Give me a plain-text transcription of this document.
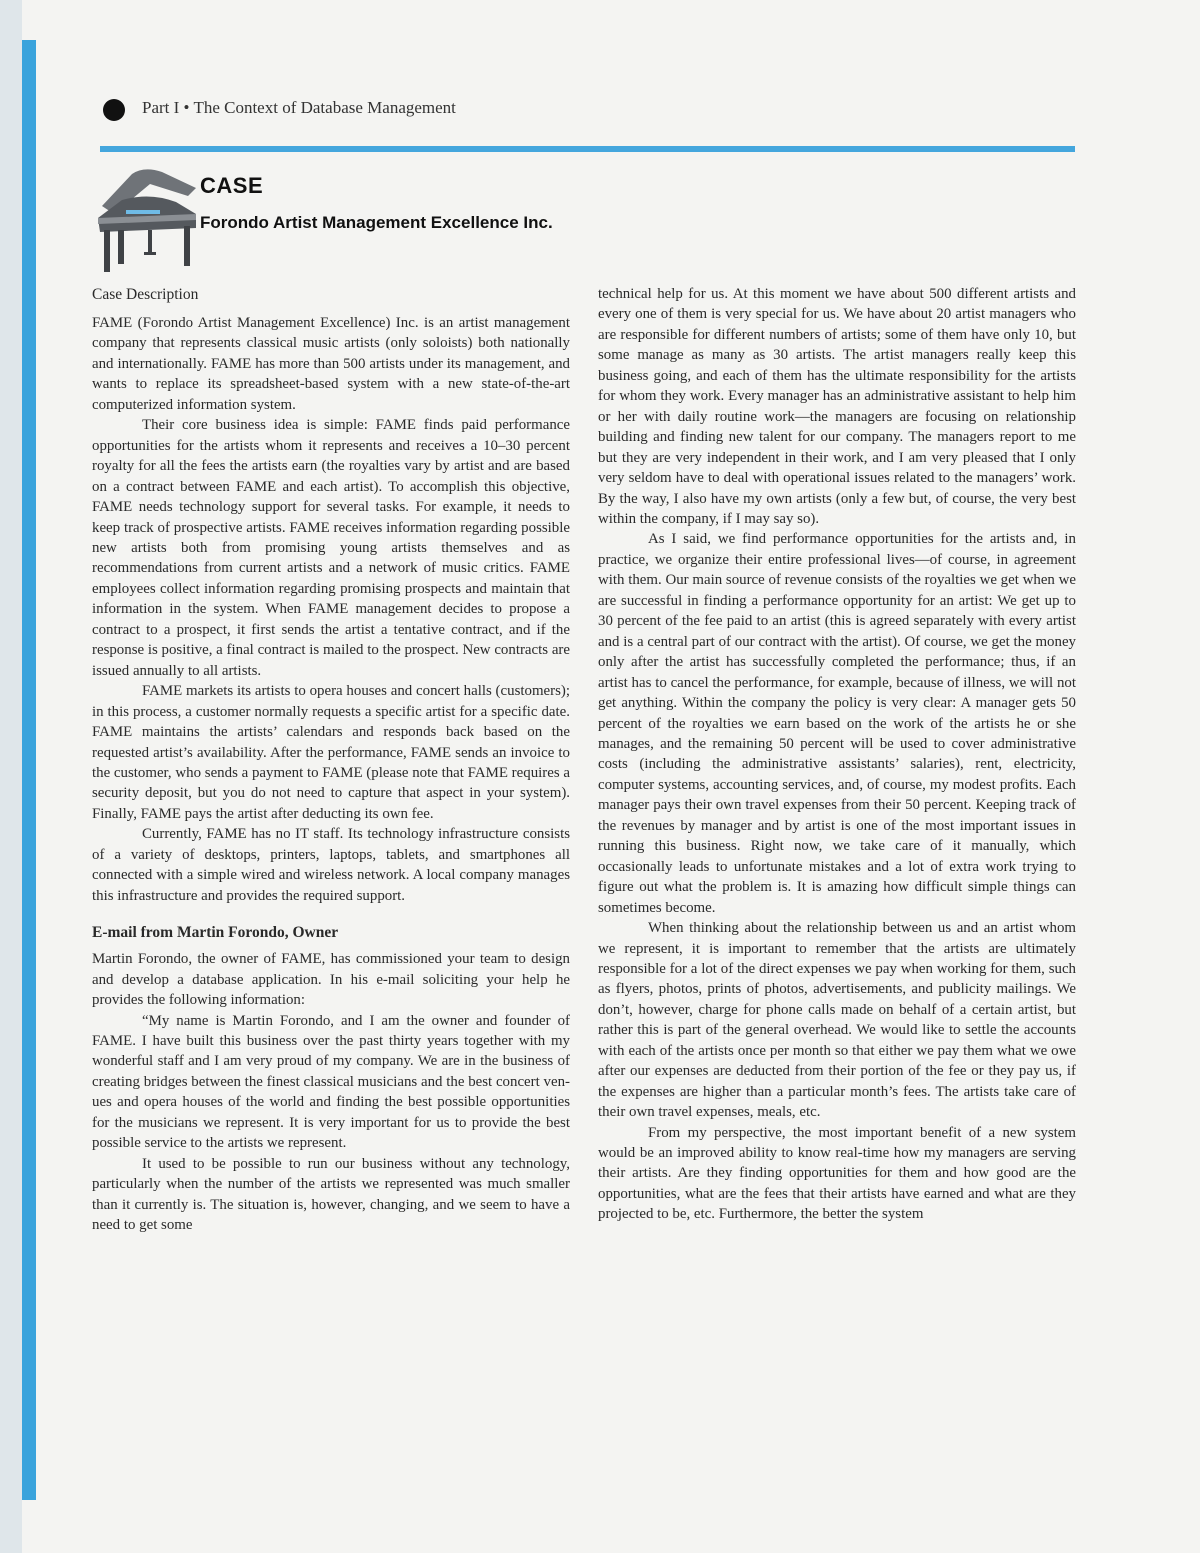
Part I • The Context of Database Management
CASE
Forondo Artist Management Excellence Inc.
Case Description

FAME (Forondo Artist Management Excellence) Inc. is an artist management company that represents classical music artists (only soloists) both nationally and internationally. FAME has more than 500 artists under its management, and wants to replace its spreadsheet-based system with a new state-of-the-art computerized information system.

Their core business idea is simple: FAME finds paid performance opportunities for the artists whom it represents and receives a 10–30 percent royalty for all the fees the artists earn (the royalties vary by artist and are based on a contract between FAME and each artist). To accomplish this objective, FAME needs technology support for several tasks. For example, it needs to keep track of prospective artists. FAME receives information regarding possible new artists both from promising young artists themselves and as recommendations from current artists and a network of music critics. FAME employees collect information regarding promising prospects and maintain that information in the system. When FAME management decides to propose a contract to a prospect, it first sends the artist a tentative contract, and if the response is positive, a final contract is mailed to the prospect. New contracts are issued annually to all artists.

FAME markets its artists to opera houses and concert halls (customers); in this process, a customer normally requests a specific artist for a specific date. FAME maintains the artists’ calendars and responds back based on the requested artist’s availability. After the performance, FAME sends an invoice to the customer, who sends a payment to FAME (please note that FAME requires a security deposit, but you do not need to capture that aspect in your system). Finally, FAME pays the artist after deducting its own fee.

Currently, FAME has no IT staff. Its technology infrastructure consists of a variety of desktops, printers, laptops, tablets, and smartphones all connected with a simple wired and wireless network. A local company manages this infrastructure and provides the required support.

E-mail from Martin Forondo, Owner

Martin Forondo, the owner of FAME, has commissioned your team to design and develop a database application. In his e-mail soliciting your help he provides the following information:

“My name is Martin Forondo, and I am the owner and founder of FAME. I have built this business over the past thirty years together with my wonderful staff and I am very proud of my company. We are in the business of creating bridges between the finest classical musicians and the best concert venues and opera houses of the world and finding the best possible opportunities for the musicians we represent. It is very important for us to provide the best possible service to the artists we represent.

It used to be possible to run our business without any technology, particularly when the number of the artists we represented was much smaller than it currently is. The situation is, however, changing, and we seem to have a need to get some

technical help for us. At this moment we have about 500 different artists and every one of them is very special for us. We have about 20 artist managers who are responsible for different numbers of artists; some of them have only 10, but some manage as many as 30 artists. The artist managers really keep this business going, and each of them has the ultimate responsibility for the artists for whom they work. Every manager has an administrative assistant to help him or her with daily routine work—the managers are focusing on relationship building and finding new talent for our company. The managers report to me but they are very independent in their work, and I am very pleased that I only very seldom have to deal with operational issues related to the managers’ work. By the way, I also have my own artists (only a few but, of course, the very best within the company, if I may say so).

As I said, we find performance opportunities for the artists and, in practice, we organize their entire professional lives—of course, in agreement with them. Our main source of revenue consists of the royalties we get when we are successful in finding a performance opportunity for an artist: We get up to 30 percent of the fee paid to an artist (this is agreed separately with every artist and is a central part of our contract with the artist). Of course, we get the money only after the artist has successfully completed the performance; thus, if an artist has to cancel the performance, for example, because of illness, we will not get anything. Within the company the policy is very clear: A manager gets 50 percent of the royalties we earn based on the work of the artists he or she manages, and the remaining 50 percent will be used to cover administrative costs (including the administrative assistants’ salaries), rent, electricity, computer systems, accounting services, and, of course, my modest profits. Each manager pays their own travel expenses from their 50 percent. Keeping track of the revenues by manager and by artist is one of the most important issues in running this business. Right now, we take care of it manually, which occasionally leads to unfortunate mistakes and a lot of extra work trying to figure out what the problem is. It is amazing how difficult simple things can sometimes become.

When thinking about the relationship between us and an artist whom we represent, it is important to remember that the artists are ultimately responsible for a lot of the direct expenses we pay when working for them, such as flyers, photos, prints of photos, advertisements, and publicity mailings. We don’t, however, charge for phone calls made on behalf of a certain artist, but rather this is part of the general overhead. We would like to settle the accounts with each of the artists once per month so that either we pay them what we owe after our expenses are deducted from their portion of the fee or they pay us, if the expenses are higher than a particular month’s fees. The artists take care of their own travel expenses, meals, etc.

From my perspective, the most important benefit of a new system would be an improved ability to know real-time how my managers are serving their artists. Are they finding opportunities for them and how good are the opportunities, what are the fees that their artists have earned and what are they projected to be, etc. Furthermore, the better the system
